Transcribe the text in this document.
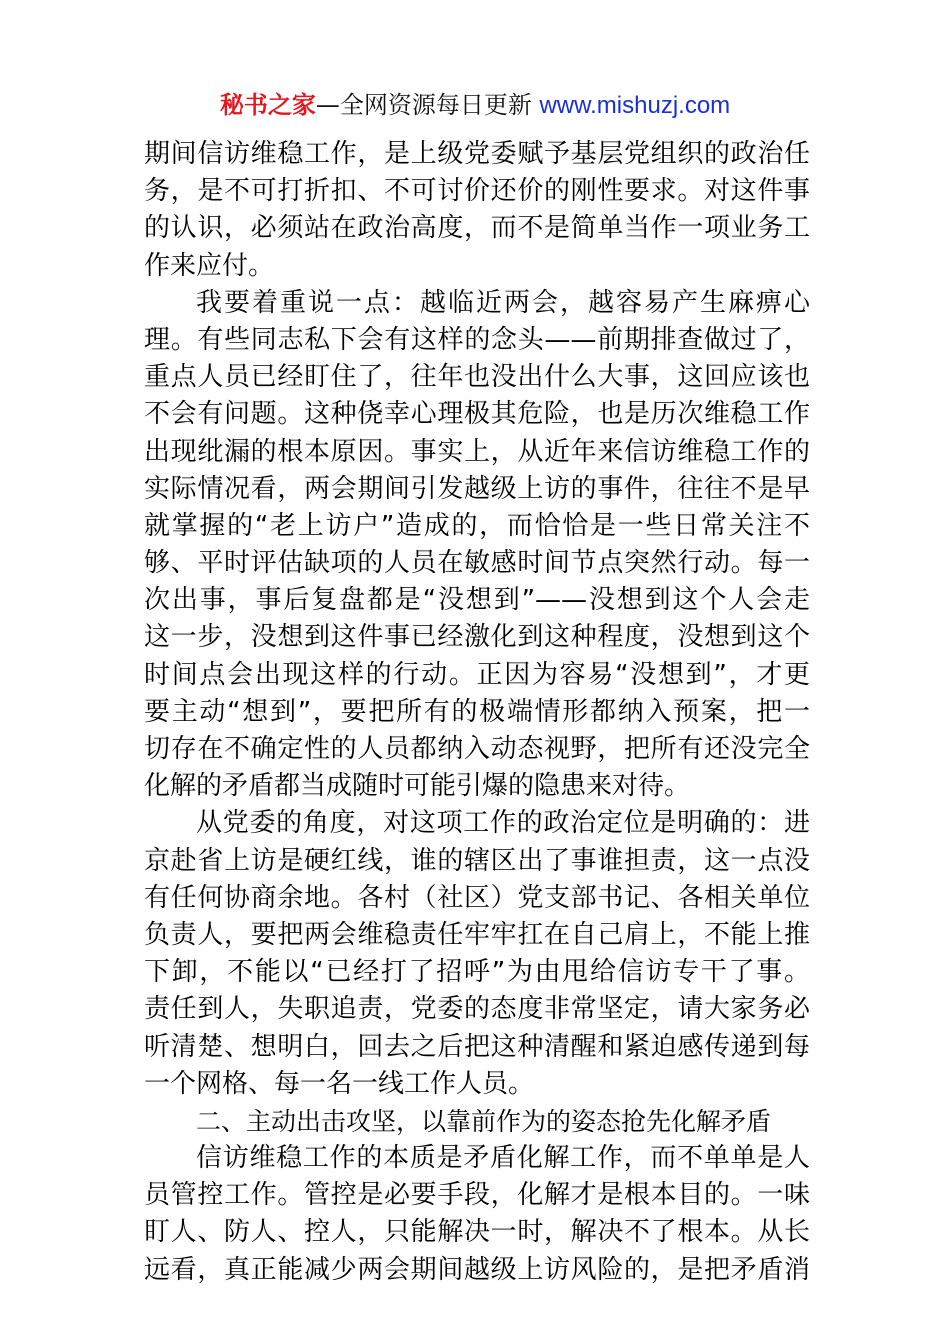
秘书之家—全网资源每日更新 www.mishuzj.com
期间信访维稳工作，是上级党委赋予基层党组织的政治任
务，是不可打折扣、不可讨价还价的刚性要求。对这件事
的认识，必须站在政治高度，而不是简单当作一项业务工
作来应付。
我要着重说一点：越临近两会，越容易产生麻痹心
理。有些同志私下会有这样的念头——前期排查做过了，
重点人员已经盯住了，往年也没出什么大事，这回应该也
不会有问题。这种侥幸心理极其危险，也是历次维稳工作
出现纰漏的根本原因。事实上，从近年来信访维稳工作的
实际情况看，两会期间引发越级上访的事件，往往不是早
就掌握的“老上访户”造成的，而恰恰是一些日常关注不
够、平时评估缺项的人员在敏感时间节点突然行动。每一
次出事，事后复盘都是“没想到”——没想到这个人会走
这一步，没想到这件事已经激化到这种程度，没想到这个
时间点会出现这样的行动。正因为容易“没想到”，才更
要主动“想到”，要把所有的极端情形都纳入预案，把一
切存在不确定性的人员都纳入动态视野，把所有还没完全
化解的矛盾都当成随时可能引爆的隐患来对待。
从党委的角度，对这项工作的政治定位是明确的：进
京赴省上访是硬红线，谁的辖区出了事谁担责，这一点没
有任何协商余地。各村（社区）党支部书记、各相关单位
负责人，要把两会维稳责任牢牢扛在自己肩上，不能上推
下卸，不能以“已经打了招呼”为由甩给信访专干了事。
责任到人，失职追责，党委的态度非常坚定，请大家务必
听清楚、想明白，回去之后把这种清醒和紧迫感传递到每
一个网格、每一名一线工作人员。
二、主动出击攻坚，以靠前作为的姿态抢先化解矛盾
信访维稳工作的本质是矛盾化解工作，而不单单是人
员管控工作。管控是必要手段，化解才是根本目的。一味
盯人、防人、控人，只能解决一时，解决不了根本。从长
远看，真正能减少两会期间越级上访风险的，是把矛盾消
